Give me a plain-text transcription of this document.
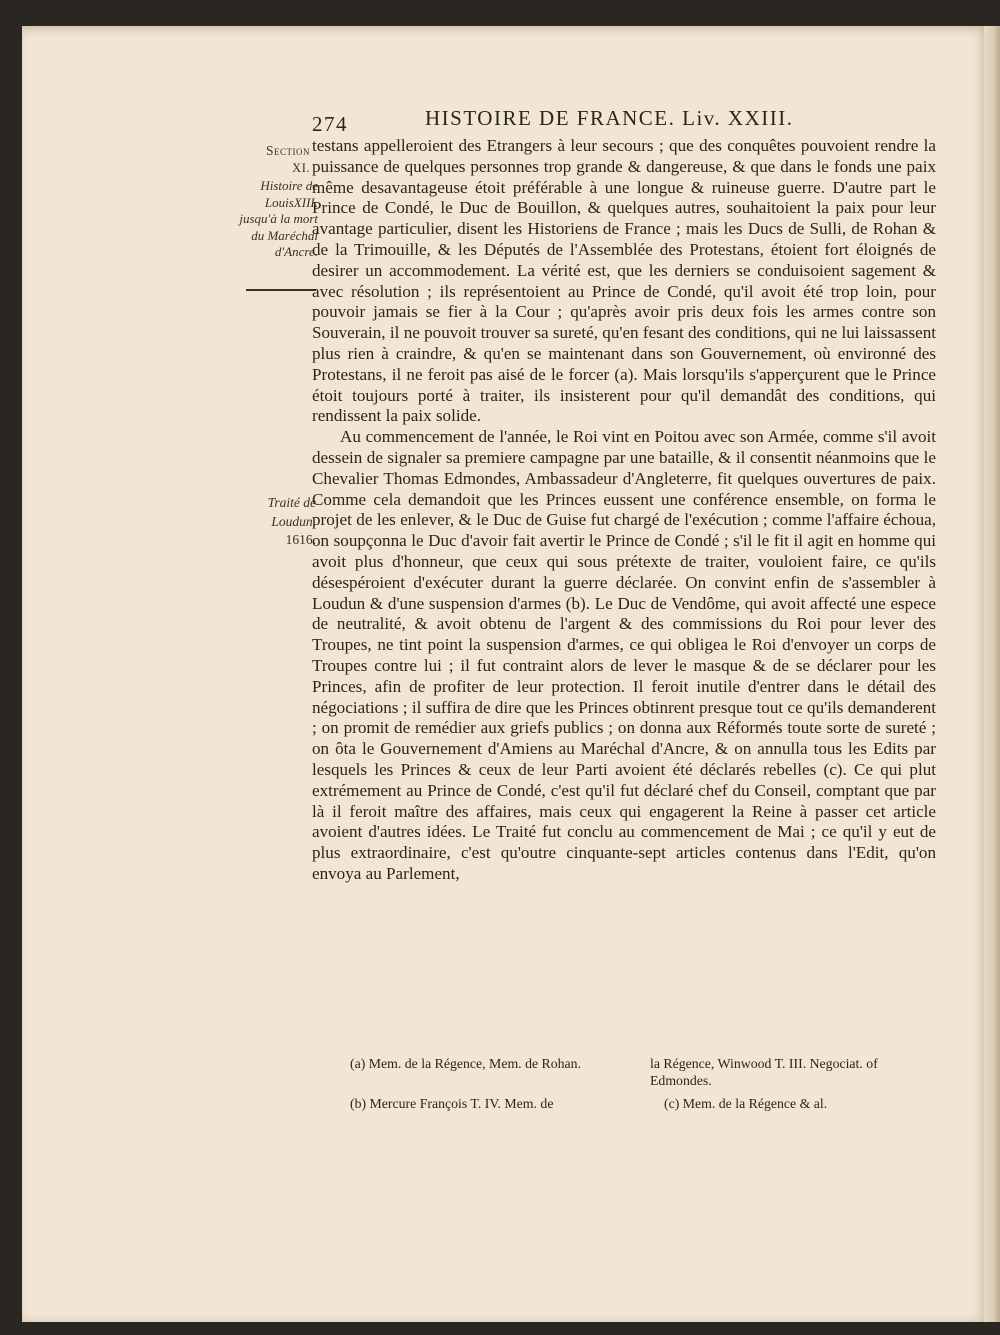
274	HISTOIRE DE FRANCE. Liv. XXIII.
Section
XI.
Histoire de LouisXIII. jusqu'à la mort du Maréchal d'Ancre.
Traité de Loudun.
1616.

testans appelleroient des Etrangers à leur secours ; que des conquêtes pouvoient rendre la puissance de quelques personnes trop grande & dangereuse, & que dans le fonds une paix même desavantageuse étoit préférable à une longue & ruineuse guerre. D'autre part le Prince de Condé, le Duc de Bouillon, & quelques autres, souhaitoient la paix pour leur avantage particulier, disent les Historiens de France ; mais les Ducs de Sulli, de Rohan & de la Trimouille, & les Députés de l'Assemblée des Protestans, étoient fort éloignés de desirer un accommodement. La vérité est, que les derniers se conduisoient sagement & avec résolution ; ils représentoient au Prince de Condé, qu'il avoit été trop loin, pour pouvoir jamais se fier à la Cour ; qu'après avoir pris deux fois les armes contre son Souverain, il ne pouvoit trouver sa sureté, qu'en fesant des conditions, qui ne lui laissassent plus rien à craindre, & qu'en se maintenant dans son Gouvernement, où environné des Protestans, il ne feroit pas aisé de le forcer (a). Mais lorsqu'ils s'apperçurent que le Prince étoit toujours porté à traiter, ils insisterent pour qu'il demandât des conditions, qui rendissent la paix solide.

Au commencement de l'année, le Roi vint en Poitou avec son Armée, comme s'il avoit dessein de signaler sa premiere campagne par une bataille, & il consentit néanmoins que le Chevalier Thomas Edmondes, Ambassadeur d'Angleterre, fit quelques ouvertures de paix. Comme cela demandoit que les Princes eussent une conférence ensemble, on forma le projet de les enlever, & le Duc de Guise fut chargé de l'exécution ; comme l'affaire échoua, on soupçonna le Duc d'avoir fait avertir le Prince de Condé ; s'il le fit il agit en homme qui avoit plus d'honneur, que ceux qui sous prétexte de traiter, vouloient faire, ce qu'ils désespéroient d'exécuter durant la guerre déclarée. On convint enfin de s'assembler à Loudun & d'une suspension d'armes (b). Le Duc de Vendôme, qui avoit affecté une espece de neutralité, & avoit obtenu de l'argent & des commissions du Roi pour lever des Troupes, ne tint point la suspension d'armes, ce qui obligea le Roi d'envoyer un corps de Troupes contre lui ; il fut contraint alors de lever le masque & de se déclarer pour les Princes, afin de profiter de leur protection. Il feroit inutile d'entrer dans le détail des négociations ; il suffira de dire que les Princes obtinrent presque tout ce qu'ils demanderent ; on promit de remédier aux griefs publics ; on donna aux Réformés toute sorte de sureté ; on ôta le Gouvernement d'Amiens au Maréchal d'Ancre, & on annulla tous les Edits par lesquels les Princes & ceux de leur Parti avoient été déclarés rebelles (c). Ce qui plut extrémement au Prince de Condé, c'est qu'il fut déclaré chef du Conseil, comptant que par là il feroit maître des affaires, mais ceux qui engagerent la Reine à passer cet article avoient d'autres idées. Le Traité fut conclu au commencement de Mai ; ce qu'il y eut de plus extraordinaire, c'est qu'outre cinquante-sept articles contenus dans l'Edit, qu'on envoya au Parlement,

(a) Mem. de la Régence, Mem. de Rohan.	la Régence, Winwood T. III. Negociat. of Edmondes.
(b) Mercure François T. IV. Mem. de	(c) Mem. de la Régence & al.
